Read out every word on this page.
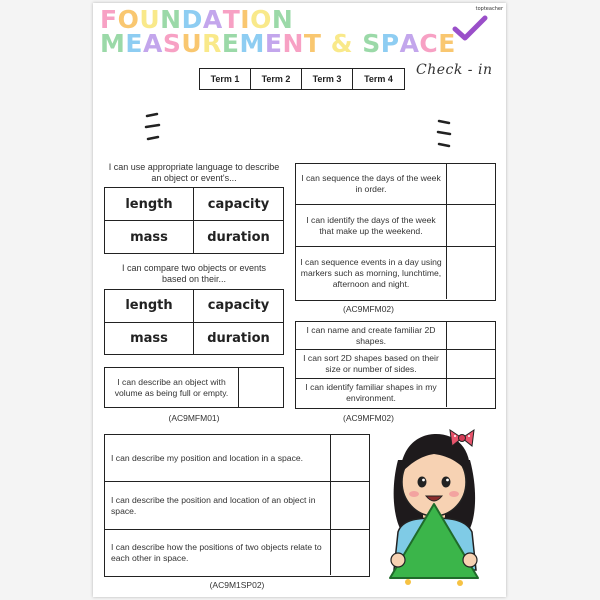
FOUNDATION
MEASUREMENT & SPACE
topteacher
Term 1	Term 2	Term 3	Term 4
Check - in
I can use appropriate language to describe an object or event's...
length	capacity
mass	duration
I can compare two objects or events based on their...
length	capacity
mass	duration
I can describe an object with volume as being full or empty.
(AC9MFM01)
I can sequence the days of the week in order.
I can identify the days of the week that make up the weekend.
I can sequence events in a day using markers such as morning, lunchtime, afternoon and night.
(AC9MFM02)
I can name and create familiar 2D shapes.
I can sort 2D shapes based on their size or number of sides.
I can identify familiar shapes in my environment.
(AC9MFM02)
I can describe my position and location in a space.
I can describe the position and location of an object in space.
I can describe how the positions of two objects relate to each other in space.
(AC9M1SP02)
